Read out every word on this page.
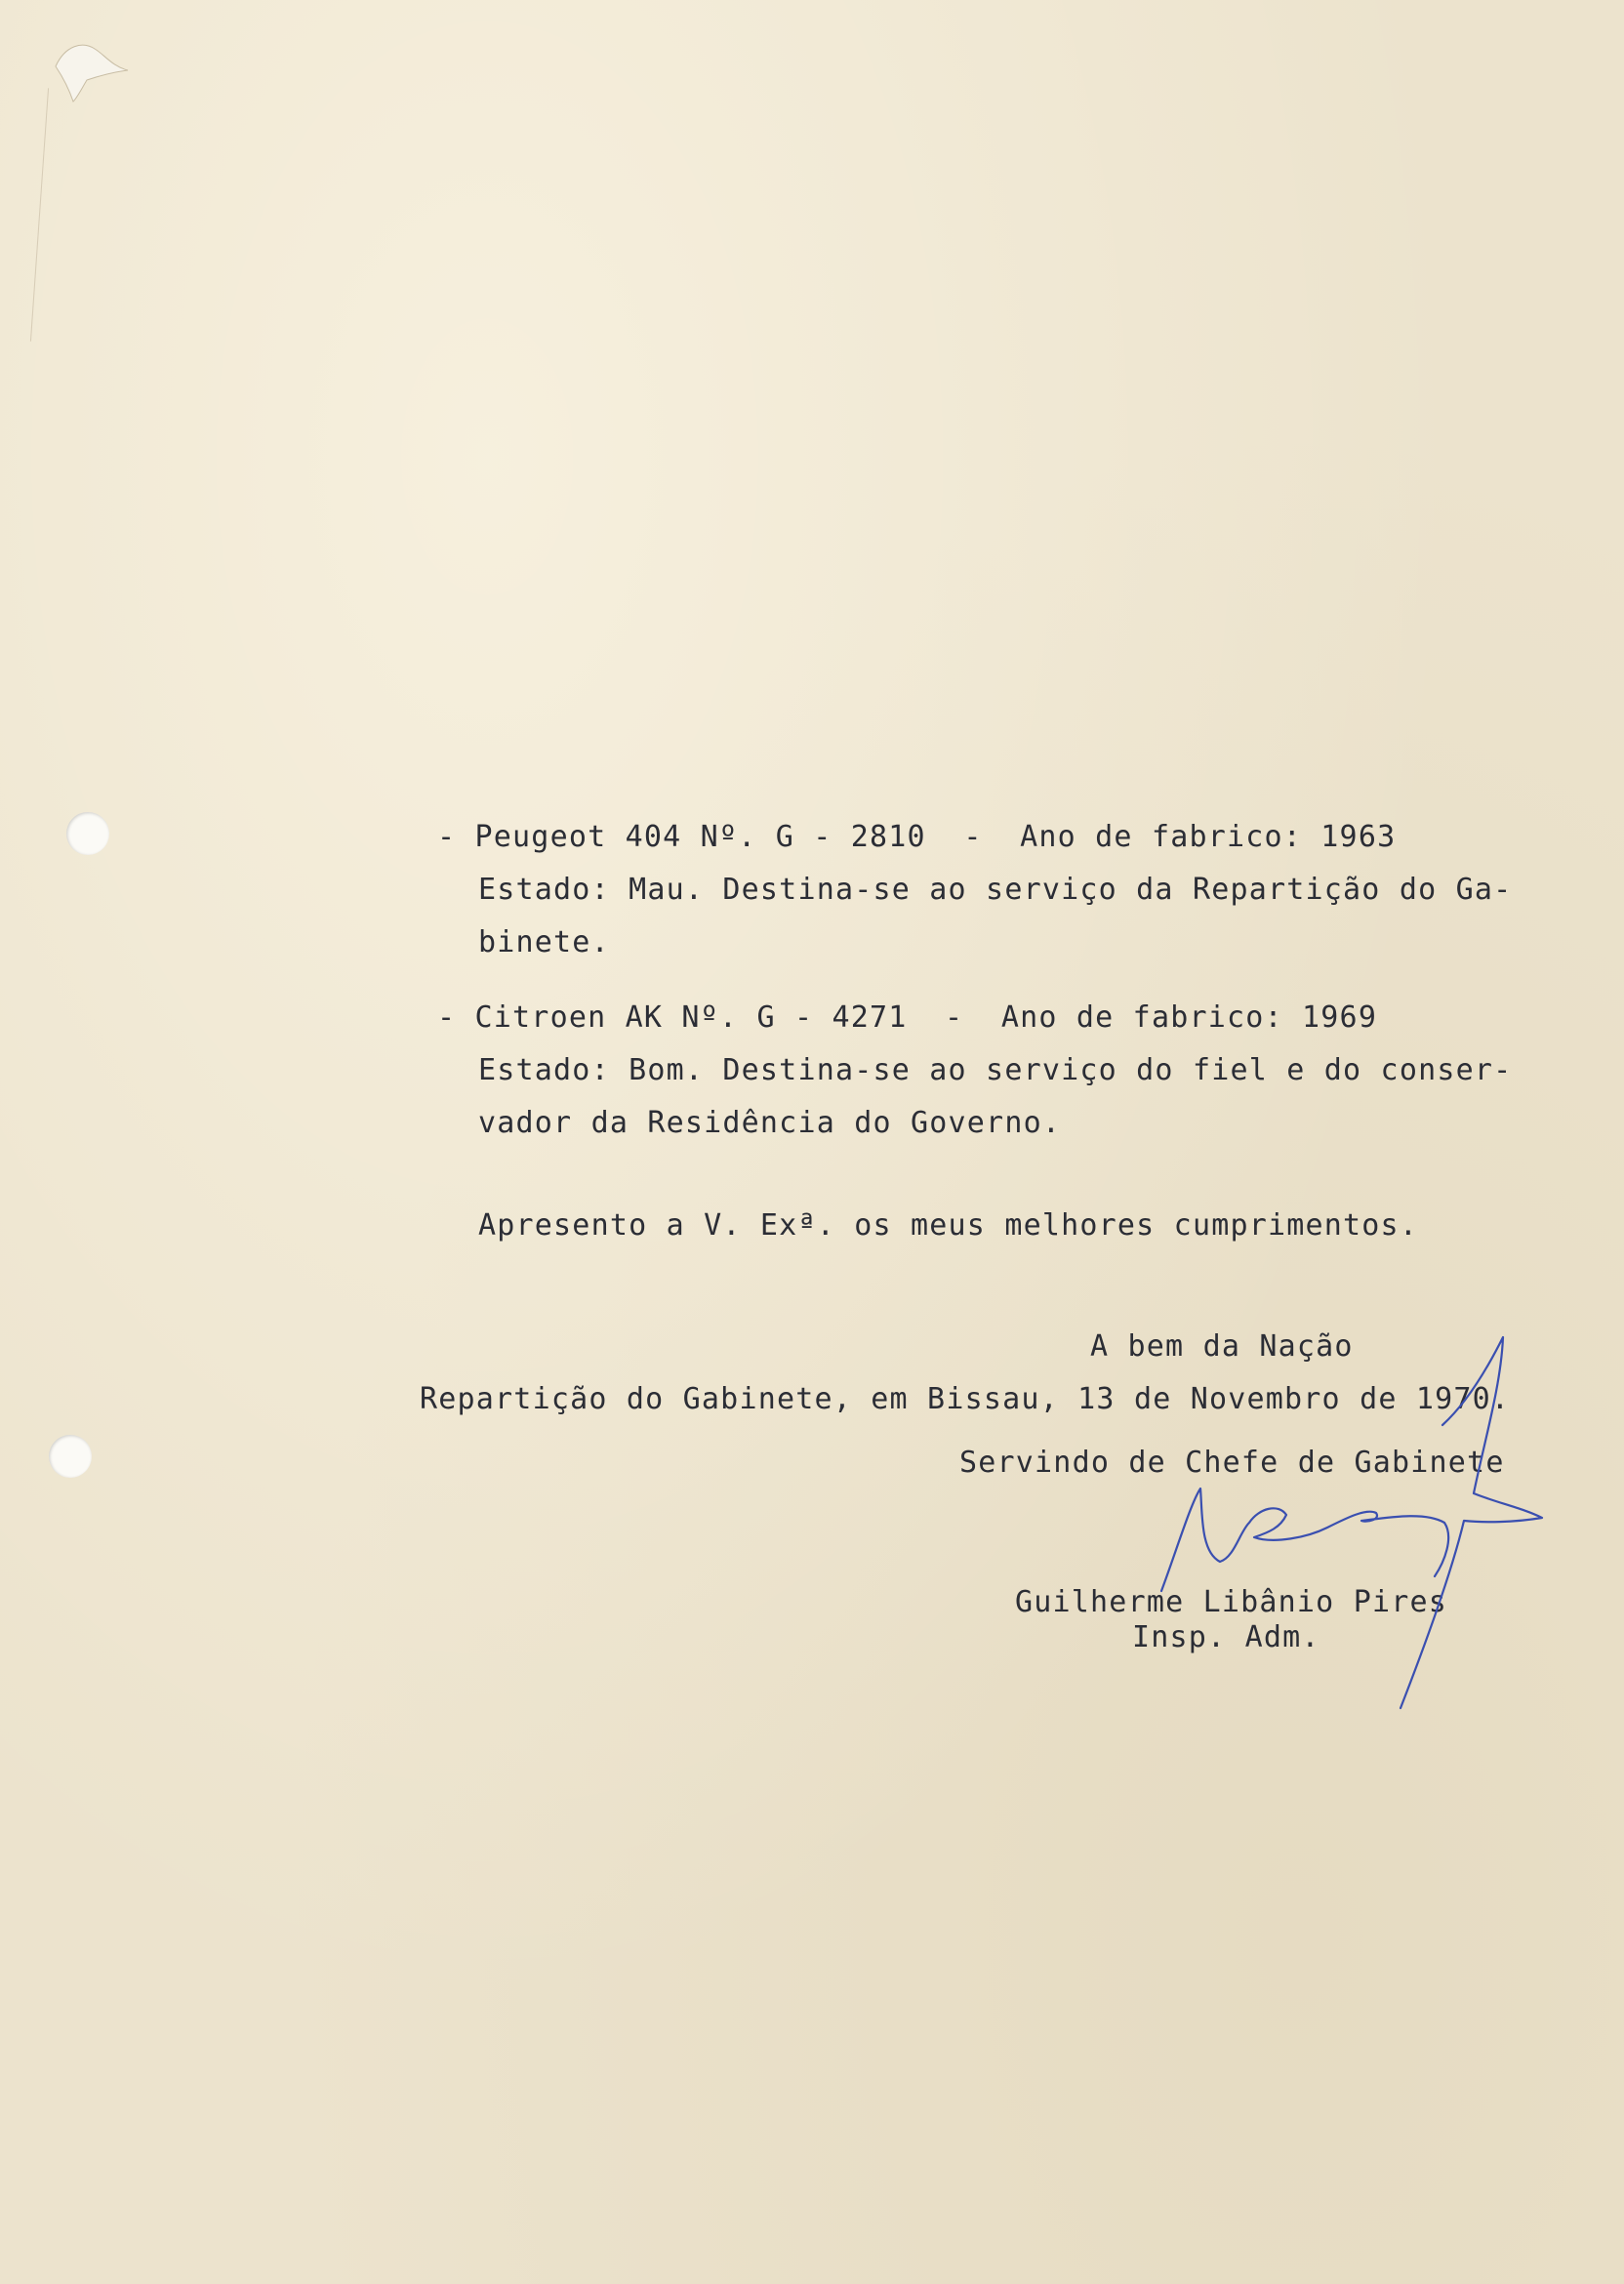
- Peugeot 404 Nº. G - 2810  -  Ano de fabrico: 1963

Estado: Mau. Destina-se ao serviço da Repartição do Ga-

binete.

- Citroen AK Nº. G - 4271  -  Ano de fabrico: 1969

Estado: Bom. Destina-se ao serviço do fiel e do conser-

vador da Residência do Governo.

Apresento a V. Exª. os meus melhores cumprimentos.

A bem da Nação

Repartição do Gabinete, em Bissau, 13 de Novembro de 1970.

Servindo de Chefe de Gabinete

Guilherme Libânio Pires

Insp. Adm.
